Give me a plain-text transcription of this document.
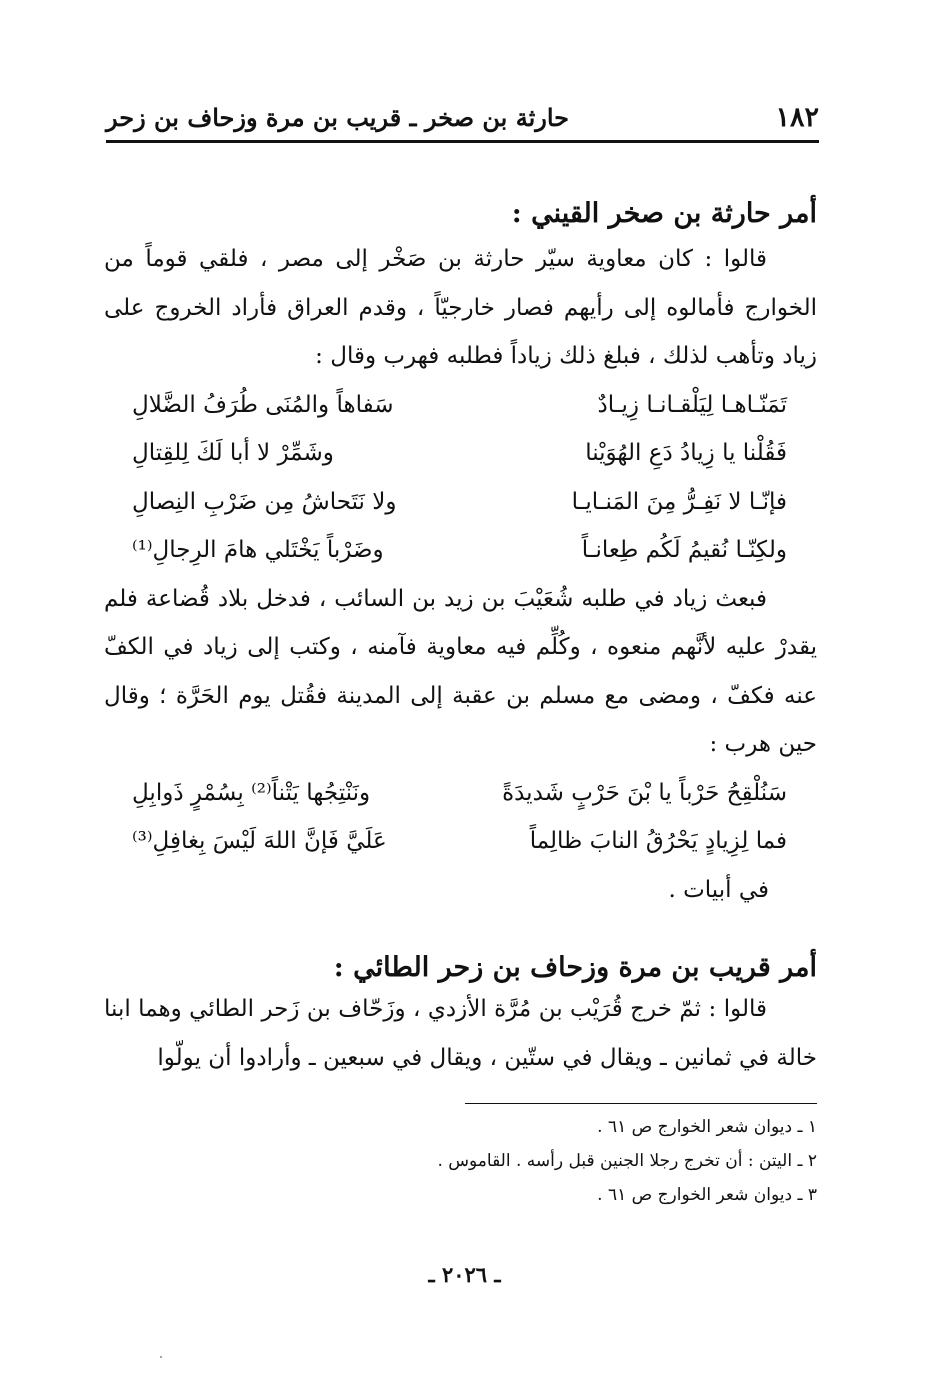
١٨٢
حارثة بن صخر ـ قريب بن مرة وزحاف بن زحر

أمر حارثة بن صخر القيني :

قالوا : كان معاوية سيّر حارثة بن صَخْر إلى مصر ، فلقي قوماً من الخوارج فأمالوه إلى رأيهم فصار خارجيّاً ، وقدم العراق فأراد الخروج على زياد وتأهب لذلك ، فبلغ ذلك زياداً فطلبه فهرب وقال :

تَمَنّـاهـا لِيَلْقـانـا زِيـادٌ
سَفاهاً والمُنَى طُرَفُ الضَّلالِ
فَقُلْنا يا زِيادُ دَعِ الهُوَيْنا
وشَمِّرْ لا أبا لَكَ لِلقِتالِ
فإنّـا لا نَفِـرُّ مِنَ المَنـايـا
ولا نَتَحاشُ مِن ضَرْبِ النِصالِ
ولكِنّـا نُقيمُ لَكُم طِعانـاً
وضَرْباً يَخْتَلي هامَ الرِجالِ⁽¹⁾

فبعث زياد في طلبه شُعَيْبَ بن زيد بن السائب ، فدخل بلاد قُضاعة فلم يقدرْ عليه لأنَّهم منعوه ، وكُلِّم فيه معاوية فآمنه ، وكتب إلى زياد في الكفّ عنه فكفّ ، ومضى مع مسلم بن عقبة إلى المدينة فقُتل يوم الحَرَّة ؛ وقال حين هرب :

سَنُلْقِحُ حَرْباً يا بْنَ حَرْبٍ شَديدَةً
ونَنْتِجُها يَتْناً⁽²⁾ بِسُمْرٍ ذَوابِلِ
فما لِزِيادٍ يَحْرُقُ النابَ ظالِماً
عَلَيَّ فَإنَّ اللهَ لَيْسَ بِغافِلِ⁽³⁾

في أبيات .

أمر قريب بن مرة وزحاف بن زحر الطائي :

قالوا : ثمّ خرج قُرَيْب بن مُرَّة الأزدي ، وزَحّاف بن زَحر الطائي وهما ابنا خالة في ثمانين ـ ويقال في ستّين ، ويقال في سبعين ـ وأرادوا أن يولّوا

١ ـ ديوان شعر الخوارج ص ٦١ .

٢ ـ اليتن : أن تخرج رجلا الجنين قبل رأسه . القاموس .

٣ ـ ديوان شعر الخوارج ص ٦١ .

ـ ٢٠٢٦ ـ
